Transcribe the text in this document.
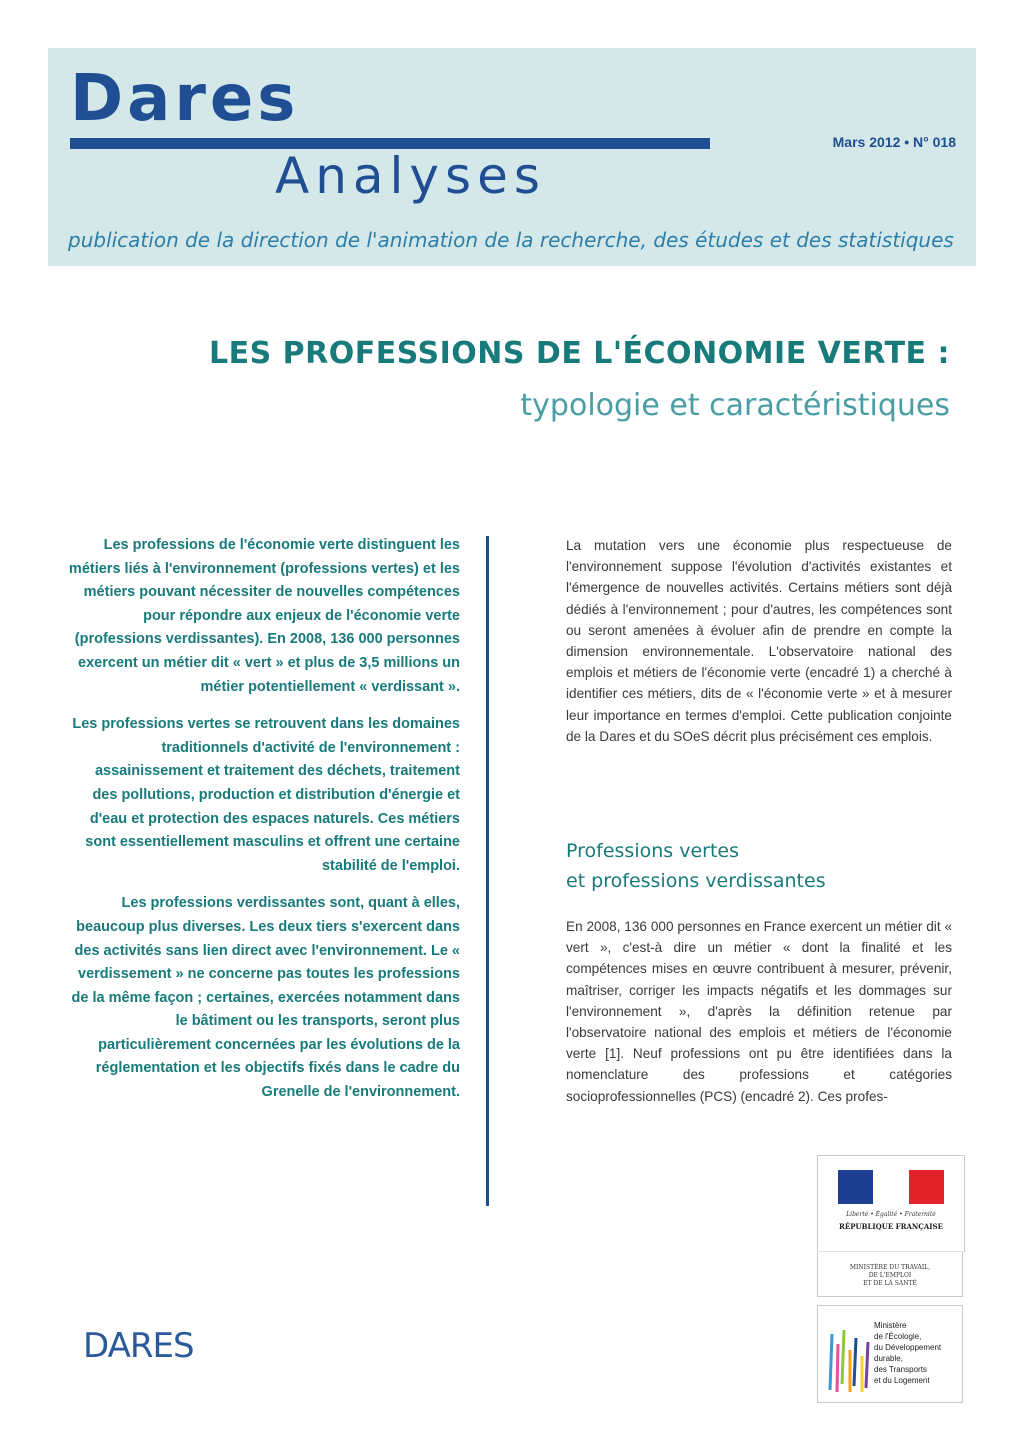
Dares
Analyses
Mars 2012 • N° 018
publication de la direction de l'animation de la recherche, des études et des statistiques
LES PROFESSIONS DE L'ÉCONOMIE VERTE :
typologie et caractéristiques

Les professions de l'économie verte distinguent les métiers liés à l'environnement (professions vertes) et les métiers pouvant nécessiter de nouvelles compétences pour répondre aux enjeux de l'économie verte (professions verdissantes). En 2008, 136 000 personnes exercent un métier dit « vert » et plus de 3,5 millions un métier potentiellement « verdissant ».

Les professions vertes se retrouvent dans les domaines traditionnels d'activité de l'environnement : assainissement et traitement des déchets, traitement des pollutions, production et distribution d'énergie et d'eau et protection des espaces naturels. Ces métiers sont essentiellement masculins et offrent une certaine stabilité de l'emploi.

Les professions verdissantes sont, quant à elles, beaucoup plus diverses. Les deux tiers s'exercent dans des activités sans lien direct avec l'environnement. Le « verdissement » ne concerne pas toutes les professions de la même façon ; certaines, exercées notamment dans le bâtiment ou les transports, seront plus particulièrement concernées par les évolutions de la réglementation et les objectifs fixés dans le cadre du Grenelle de l'environnement.

La mutation vers une économie plus respectueuse de l'environnement suppose l'évolution d'activités existantes et l'émergence de nouvelles activités. Certains métiers sont déjà dédiés à l'environnement ; pour d'autres, les compétences sont ou seront amenées à évoluer afin de prendre en compte la dimension environnementale. L'observatoire national des emplois et métiers de l'économie verte (encadré 1) a cherché à identifier ces métiers, dits de « l'économie verte » et à mesurer leur importance en termes d'emploi. Cette publication conjointe de la Dares et du SOeS décrit plus précisément ces emplois.

Professions vertes
et professions verdissantes

En 2008, 136 000 personnes en France exercent un métier dit « vert », c'est-à dire un métier « dont la finalité et les compétences mises en œuvre contribuent à mesurer, prévenir, maîtriser, corriger les impacts négatifs et les dommages sur l'environnement », d'après la définition retenue par l'observatoire national des emplois et métiers de l'économie verte [1]. Neuf professions ont pu être identifiées dans la nomenclature des professions et catégories socioprofessionnelles (PCS) (encadré 2). Ces profes-

Liberté • Égalité • Fraternité
RÉPUBLIQUE FRANÇAISE
MINISTÈRE DU TRAVAIL,
DE L'EMPLOI
ET DE LA SANTÉ
Ministère
de l'Écologie,
du Développement
durable,
des Transports
et du Logement
DARES
